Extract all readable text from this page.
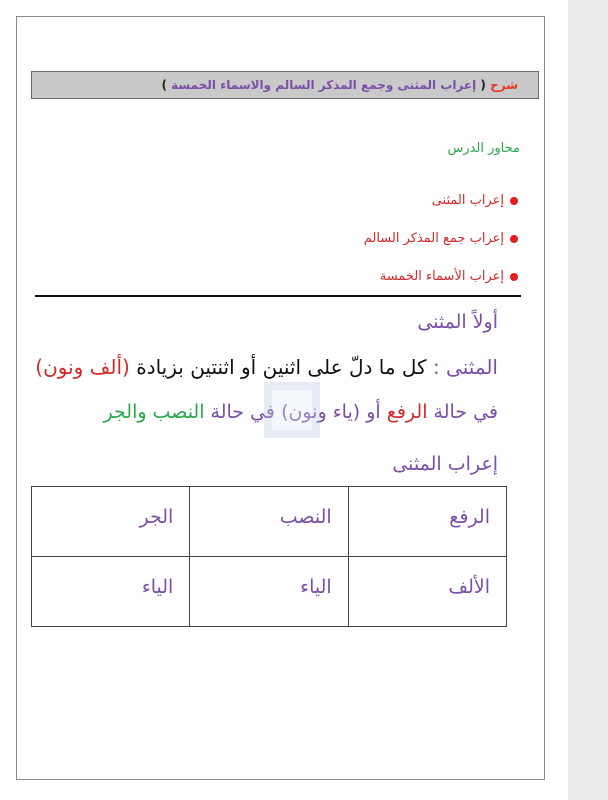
شرح ( إعراب المثنى وجمع المذكر السالم والاسماء الخمسة )
محاور الدرس
إعراب المثنى
إعراب جمع المذكر السالم
إعراب الأسماء الخمسة
أولاً المثنى
المثنى : كل ما دلّ على اثنين أو اثنتين بزيادة (ألف ونون)
في حالة الرفع أو (ياء ونون) في حالة النصب والجر
إعراب المثنى
الرفع	النصب	الجر
الألف	الياء	الياء
